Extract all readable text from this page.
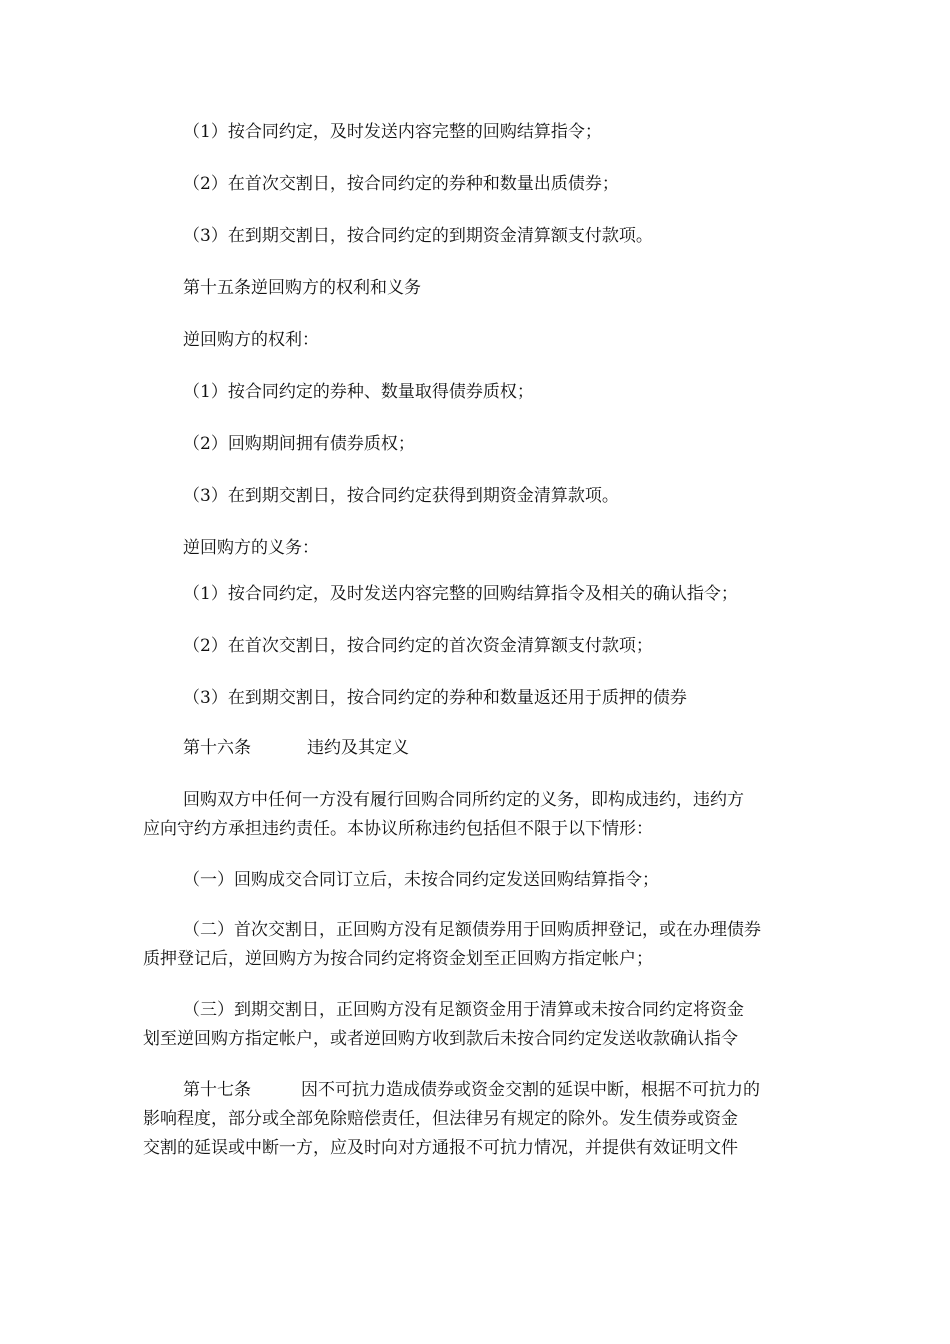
（1）按合同约定，及时发送内容完整的回购结算指令；

（2）在首次交割日，按合同约定的券种和数量出质债券；

（3）在到期交割日，按合同约定的到期资金清算额支付款项。

第十五条逆回购方的权利和义务

逆回购方的权利：

（1）按合同约定的券种、数量取得债券质权；

（2）回购期间拥有债券质权；

（3）在到期交割日，按合同约定获得到期资金清算款项。

逆回购方的义务：

（1）按合同约定，及时发送内容完整的回购结算指令及相关的确认指令；

（2）在首次交割日，按合同约定的首次资金清算额支付款项；

（3）在到期交割日，按合同约定的券种和数量返还用于质押的债券

第十六条	违约及其定义

回购双方中任何一方没有履行回购合同所约定的义务，即构成违约，违约方
应向守约方承担违约责任。本协议所称违约包括但不限于以下情形：

（一）回购成交合同订立后，未按合同约定发送回购结算指令；

（二）首次交割日，正回购方没有足额债券用于回购质押登记，或在办理债券
质押登记后，逆回购方为按合同约定将资金划至正回购方指定帐户；

（三）到期交割日，正回购方没有足额资金用于清算或未按合同约定将资金
划至逆回购方指定帐户，或者逆回购方收到款后未按合同约定发送收款确认指令

第十七条	因不可抗力造成债券或资金交割的延误中断，根据不可抗力的
影响程度，部分或全部免除赔偿责任，但法律另有规定的除外。发生债券或资金
交割的延误或中断一方，应及时向对方通报不可抗力情况，并提供有效证明文件
